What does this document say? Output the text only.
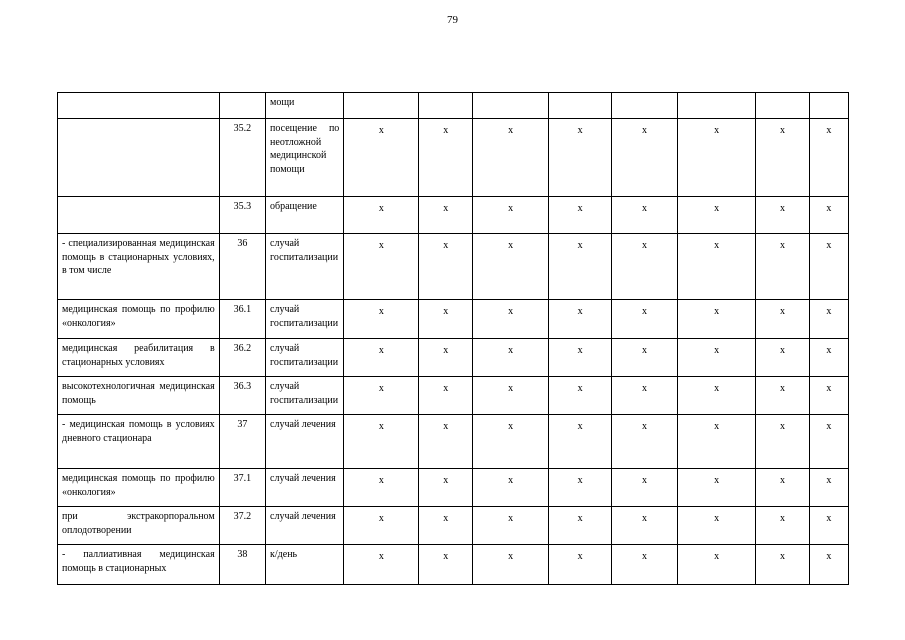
79
		мощи								
	35.2	посещение по неотложной медицинской помощи	х	х	х	х	х	х	х	х
	35.3	обращение	х	х	х	х	х	х	х	х
- специализированная медицинская помощь в стационарных условиях, в том числе	36	случай госпитализации	х	х	х	х	х	х	х	х
медицинская помощь по профилю «онкология»	36.1	случай госпитализации	х	х	х	х	х	х	х	х
медицинская реабилитация в стационарных условиях	36.2	случай госпитализации	х	х	х	х	х	х	х	х
высокотехнологичная медицинская помощь	36.3	случай госпитализации	х	х	х	х	х	х	х	х
- медицинская помощь в условиях дневного стационара	37	случай лечения	х	х	х	х	х	х	х	х
медицинская помощь по профилю «онкология»	37.1	случай лечения	х	х	х	х	х	х	х	х
при экстракорпоральном оплодотворении	37.2	случай лечения	х	х	х	х	х	х	х	х
- паллиативная медицинская помощь в стационарных	38	к/день	х	х	х	х	х	х	х	х
